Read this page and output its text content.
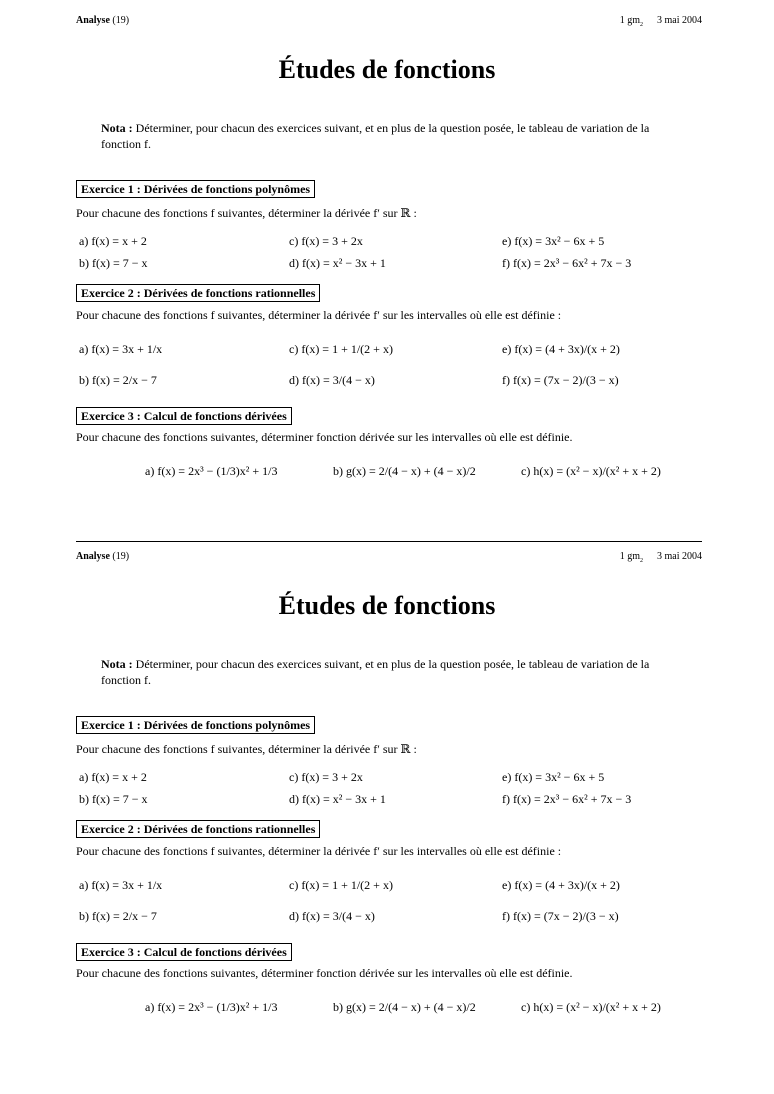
Analyse (19)	1 $gm_2$ 3 mai 2004
Études de fonctions
Nota : Déterminer, pour chacun des exercices suivant, et en plus de la question posée, le tableau de variation de la fonction f.
Exercice 1 : Dérivées de fonctions polynômes
Pour chacune des fonctions f suivantes, déterminer la dérivée f′ sur ℝ :
a) f(x) = x + 2	c) f(x) = 3 + 2x	e) f(x) = 3x² − 6x + 5
b) f(x) = 7 − x	d) f(x) = x² − 3x + 1	f) f(x) = 2x³ − 6x² + 7x − 3
Exercice 2 : Dérivées de fonctions rationnelles
Pour chacune des fonctions f suivantes, déterminer la dérivée f′ sur les intervalles où elle est définie :
a) f(x) = 3x + 1/x	c) f(x) = 1 + 1/(2 + x)	e) f(x) = (4 + 3x)/(x + 2)
b) f(x) = 2/x − 7	d) f(x) = 3/(4 − x)	f) f(x) = (7x − 2)/(3 − x)
Exercice 3 : Calcul de fonctions dérivées
Pour chacune des fonctions suivantes, déterminer fonction dérivée sur les intervalles où elle est définie.
a) f(x) = 2x³ − (1/3)x² + 1/3	b) g(x) = 2/(4 − x) + (4 − x)/2	c) h(x) = (x² − x)/(x² + x + 2)
Analyse (19)	1 $gm_2$ 3 mai 2004
Études de fonctions
Nota : Déterminer, pour chacun des exercices suivant, et en plus de la question posée, le tableau de variation de la fonction f.
Exercice 1 : Dérivées de fonctions polynômes
Pour chacune des fonctions f suivantes, déterminer la dérivée f′ sur ℝ :
a) f(x) = x + 2	c) f(x) = 3 + 2x	e) f(x) = 3x² − 6x + 5
b) f(x) = 7 − x	d) f(x) = x² − 3x + 1	f) f(x) = 2x³ − 6x² + 7x − 3
Exercice 2 : Dérivées de fonctions rationnelles
Pour chacune des fonctions f suivantes, déterminer la dérivée f′ sur les intervalles où elle est définie :
a) f(x) = 3x + 1/x	c) f(x) = 1 + 1/(2 + x)	e) f(x) = (4 + 3x)/(x + 2)
b) f(x) = 2/x − 7	d) f(x) = 3/(4 − x)	f) f(x) = (7x − 2)/(3 − x)
Exercice 3 : Calcul de fonctions dérivées
Pour chacune des fonctions suivantes, déterminer fonction dérivée sur les intervalles où elle est définie.
a) f(x) = 2x³ − (1/3)x² + 1/3	b) g(x) = 2/(4 − x) + (4 − x)/2	c) h(x) = (x² − x)/(x² + x + 2)
